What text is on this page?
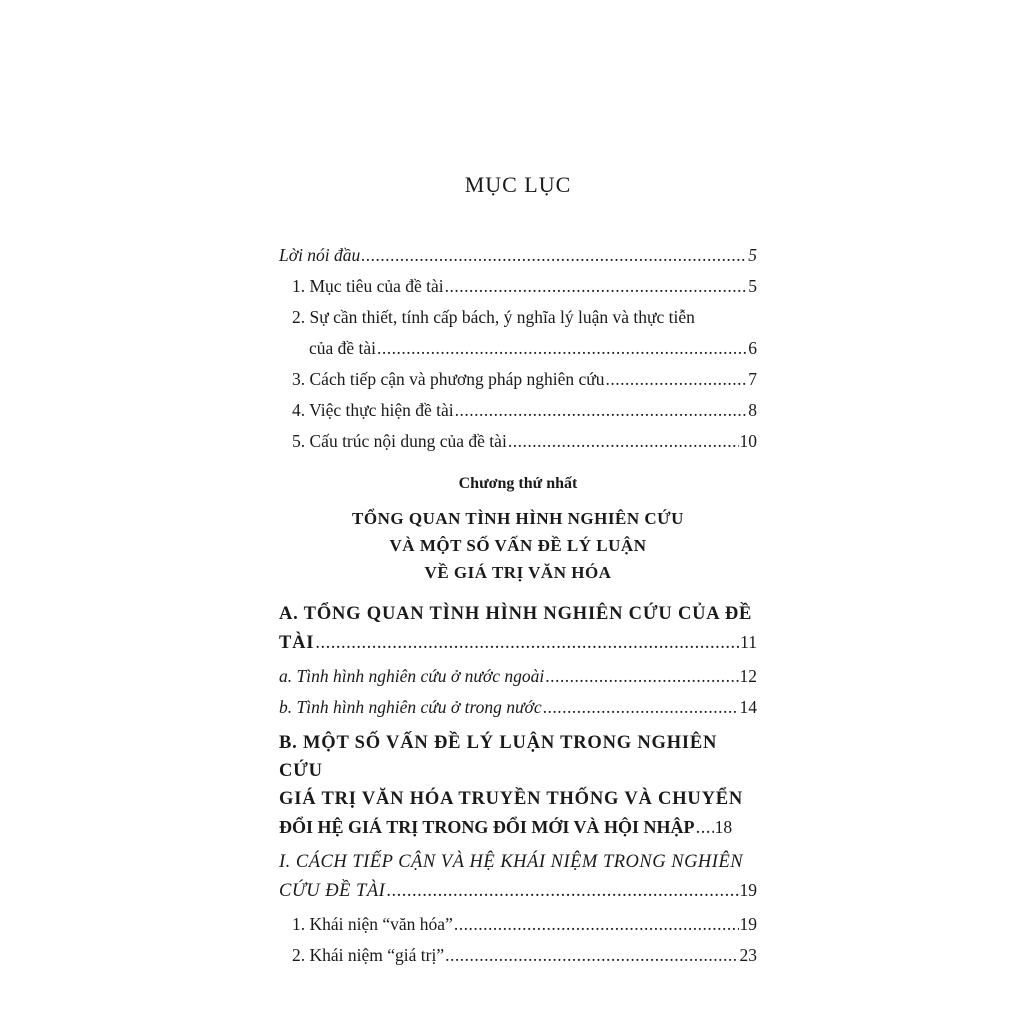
MỤC LỤC
Lời nói đầu .....	5
1. Mục tiêu của đề tài .....	5
2. Sự cần thiết, tính cấp bách, ý nghĩa lý luận và thực tiễn
của đề tài .....	6
3. Cách tiếp cận và phương pháp nghiên cứu .....	7
4. Việc thực hiện đề tài .....	8
5. Cấu trúc nội dung của đề tài .....	10
Chương thứ nhất
TỔNG QUAN TÌNH HÌNH NGHIÊN CỨU
VÀ MỘT SỐ VẤN ĐỀ LÝ LUẬN
VỀ GIÁ TRỊ VĂN HÓA
A. TỔNG QUAN TÌNH HÌNH NGHIÊN CỨU CỦA ĐỀ
TÀI .....	11
a. Tình hình nghiên cứu ở nước ngoài .....	12
b. Tình hình nghiên cứu ở trong nước .....	14
B. MỘT SỐ VẤN ĐỀ LÝ LUẬN TRONG NGHIÊN CỨU
GIÁ TRỊ VĂN HÓA TRUYỀN THỐNG VÀ CHUYỂN
ĐỔI HỆ GIÁ TRỊ TRONG ĐỔI MỚI VÀ HỘI NHẬP ..... 18
I. CÁCH TIẾP CẬN VÀ HỆ KHÁI NIỆM TRONG NGHIÊN
CỨU ĐỀ TÀI .....	19
1. Khái niện “văn hóa” .....	19
2. Khái niệm “giá trị” .....	23
